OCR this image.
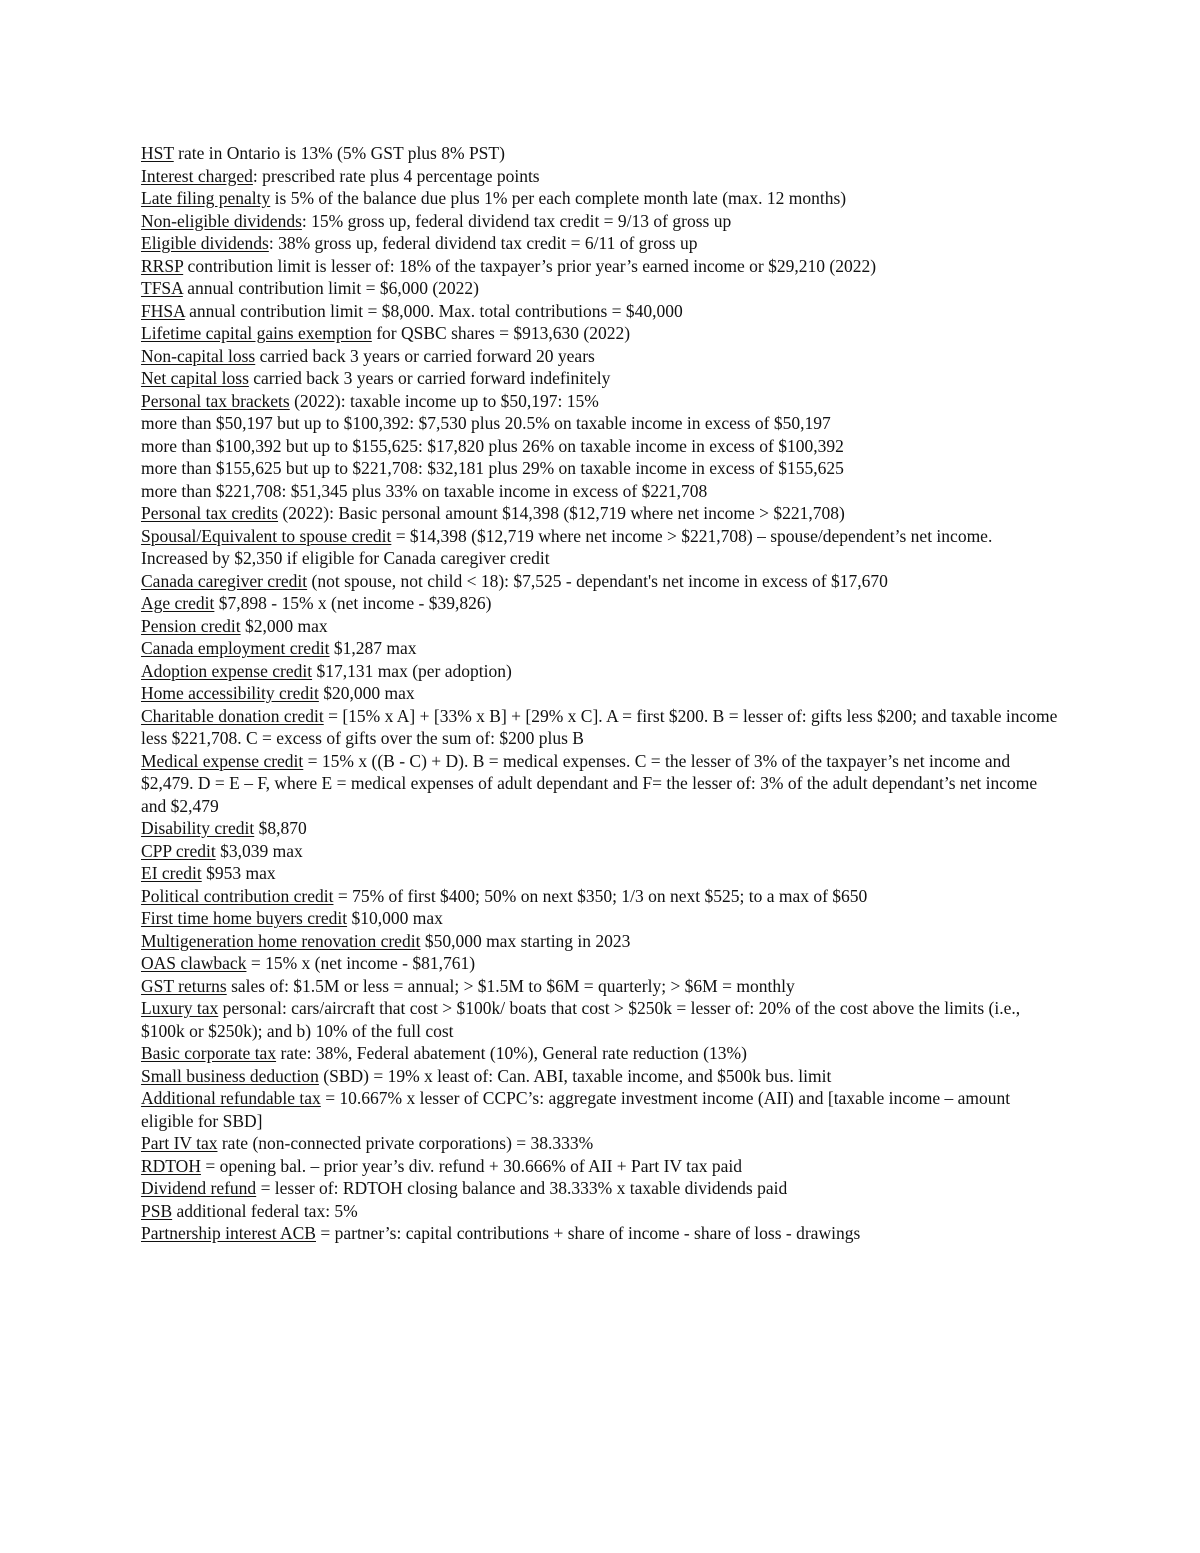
HST rate in Ontario is 13% (5% GST plus 8% PST)

Interest charged: prescribed rate plus 4 percentage points

Late filing penalty is 5% of the balance due plus 1% per each complete month late (max. 12 months)

Non-eligible dividends: 15% gross up, federal dividend tax credit = 9/13 of gross up

Eligible dividends: 38% gross up, federal dividend tax credit = 6/11 of gross up

RRSP contribution limit is lesser of: 18% of the taxpayer’s prior year’s earned income or $29,210 (2022)

TFSA annual contribution limit = $6,000 (2022)

FHSA annual contribution limit = $8,000. Max. total contributions = $40,000

Lifetime capital gains exemption for QSBC shares = $913,630 (2022)

Non-capital loss carried back 3 years or carried forward 20 years

Net capital loss carried back 3 years or carried forward indefinitely

Personal tax brackets (2022): taxable income up to $50,197: 15%

more than $50,197 but up to $100,392: $7,530 plus 20.5% on taxable income in excess of $50,197

more than $100,392 but up to $155,625: $17,820 plus 26% on taxable income in excess of $100,392

more than $155,625 but up to $221,708: $32,181 plus 29% on taxable income in excess of $155,625

more than $221,708: $51,345 plus 33% on taxable income in excess of $221,708

Personal tax credits (2022): Basic personal amount $14,398 ($12,719 where net income > $221,708)

Spousal/Equivalent to spouse credit = $14,398 ($12,719 where net income > $221,708) – spouse/dependent’s net income. Increased by $2,350 if eligible for Canada caregiver credit

Canada caregiver credit (not spouse, not child < 18): $7,525 - dependant's net income in excess of $17,670

Age credit $7,898 - 15% x (net income - $39,826)

Pension credit $2,000 max

Canada employment credit $1,287 max

Adoption expense credit $17,131 max (per adoption)

Home accessibility credit $20,000 max

Charitable donation credit = [15% x A] + [33% x B] + [29% x C]. A = first $200. B = lesser of: gifts less $200; and taxable income less $221,708. C = excess of gifts over the sum of: $200 plus B

Medical expense credit = 15% x ((B - C) + D). B = medical expenses. C = the lesser of 3% of the taxpayer’s net income and $2,479. D = E – F, where E = medical expenses of adult dependant and F= the lesser of: 3% of the adult dependant’s net income and $2,479

Disability credit $8,870

CPP credit $3,039 max

EI credit $953 max

Political contribution credit = 75% of first $400; 50% on next $350; 1/3 on next $525; to a max of $650

First time home buyers credit $10,000 max

Multigeneration home renovation credit $50,000 max starting in 2023

OAS clawback = 15% x (net income - $81,761)

GST returns sales of: $1.5M or less = annual; > $1.5M to $6M = quarterly; > $6M = monthly

Luxury tax personal: cars/aircraft that cost > $100k/ boats that cost > $250k = lesser of: 20% of the cost above the limits (i.e., $100k or $250k); and b) 10% of the full cost

Basic corporate tax rate: 38%, Federal abatement (10%), General rate reduction (13%)

Small business deduction (SBD) = 19% x least of: Can. ABI, taxable income, and $500k bus. limit

Additional refundable tax = 10.667% x lesser of CCPC’s: aggregate investment income (AII) and [taxable income – amount eligible for SBD]

Part IV tax rate (non-connected private corporations) = 38.333%

RDTOH = opening bal. – prior year’s div. refund + 30.666% of AII + Part IV tax paid

Dividend refund = lesser of: RDTOH closing balance and 38.333% x taxable dividends paid

PSB additional federal tax: 5%

Partnership interest ACB = partner’s: capital contributions + share of income - share of loss - drawings
